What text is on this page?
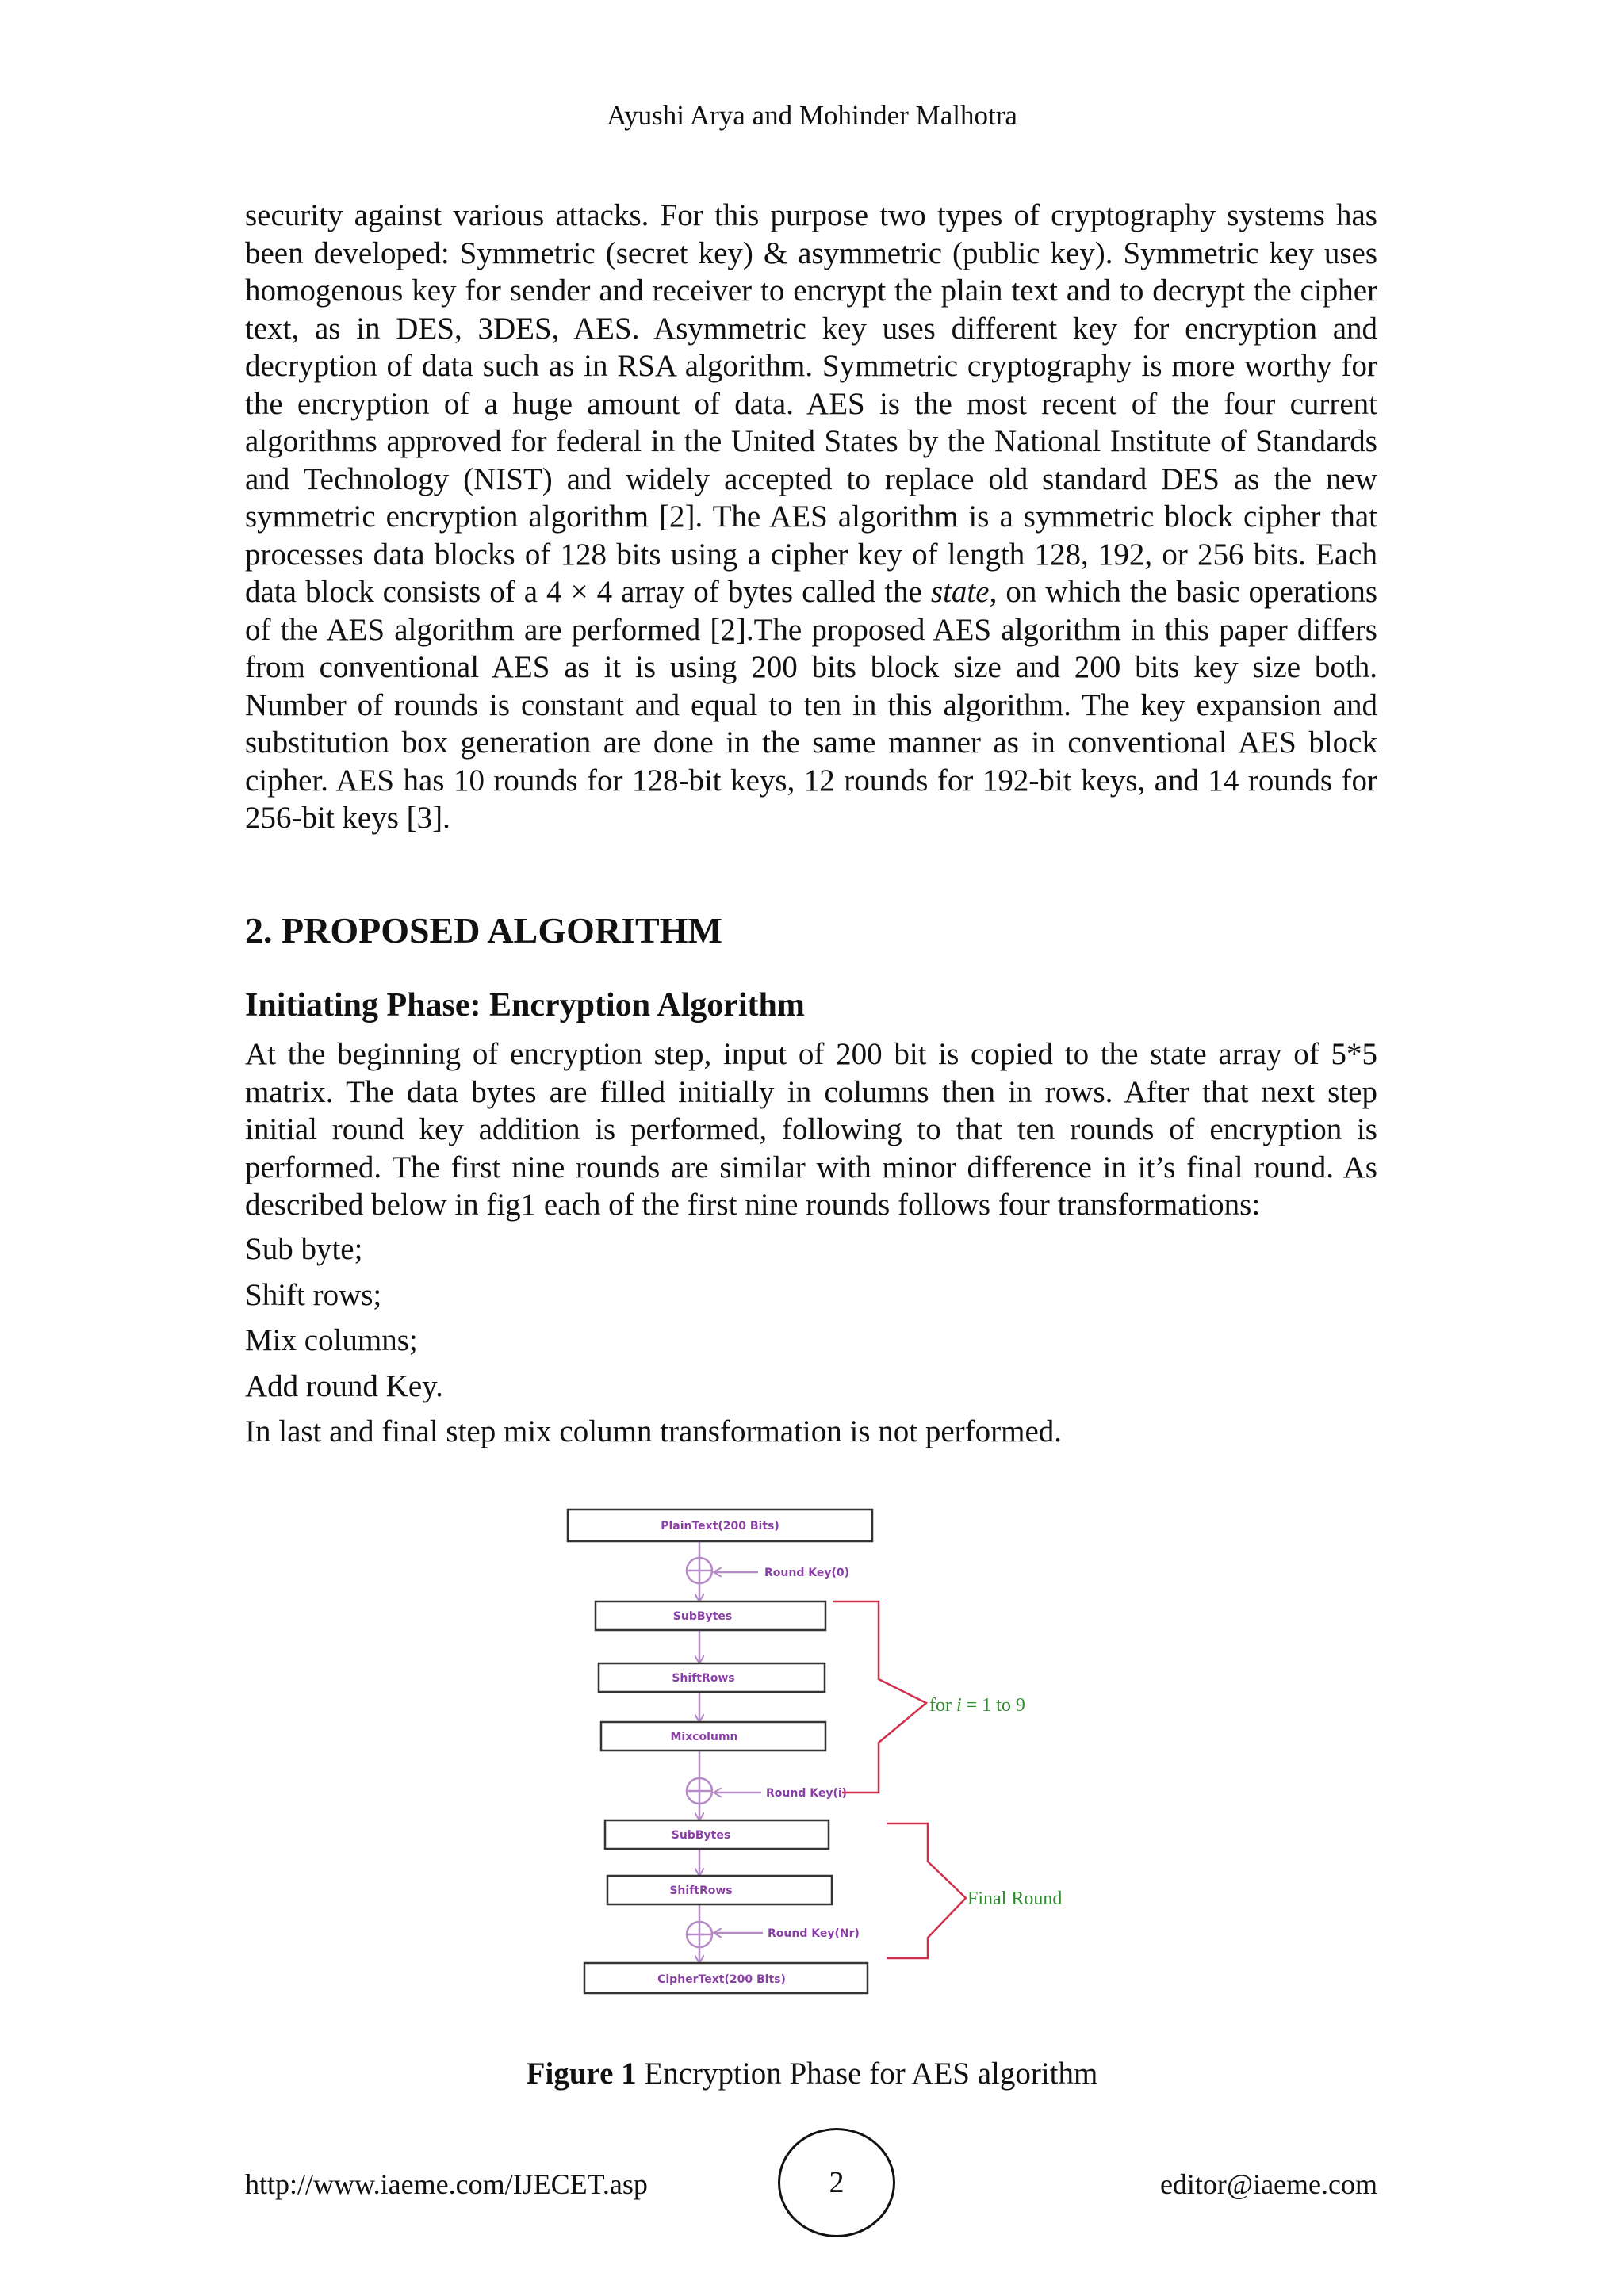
Ayushi Arya and Mohinder Malhotra

security against various attacks. For this purpose two types of cryptography systems has been developed: Symmetric (secret key) & asymmetric (public key). Symmetric key uses homogenous key for sender and receiver to encrypt the plain text and to decrypt the cipher text, as in DES, 3DES, AES. Asymmetric key uses different key for encryption and decryption of data such as in RSA algorithm. Symmetric cryptography is more worthy for the encryption of a huge amount of data. AES is the most recent of the four current algorithms approved for federal in the United States by the National Institute of Standards and Technology (NIST) and widely accepted to replace old standard DES as the new symmetric encryption algorithm [2]. The AES algorithm is a symmetric block cipher that processes data blocks of 128 bits using a cipher key of length 128, 192, or 256 bits. Each data block consists of a 4 × 4 array of bytes called the state, on which the basic operations of the AES algorithm are performed [2].The proposed AES algorithm in this paper differs from conventional AES as it is using 200 bits block size and 200 bits key size both. Number of rounds is constant and equal to ten in this algorithm. The key expansion and substitution box generation are done in the same manner as in conventional AES block cipher. AES has 10 rounds for 128-bit keys, 12 rounds for 192-bit keys, and 14 rounds for 256-bit keys [3].

2. PROPOSED ALGORITHM
Initiating Phase: Encryption Algorithm

At the beginning of encryption step, input of 200 bit is copied to the state array of 5*5 matrix. The data bytes are filled initially in columns then in rows. After that next step initial round key addition is performed, following to that ten rounds of encryption is performed. The first nine rounds are similar with minor difference in it’s final round. As described below in fig1 each of the first nine rounds follows four transformations:

Sub byte;
Shift rows;
Mix columns;
Add round Key.

In last and final step mix column transformation is not performed.

PlainText(200 Bits)
SubBytes
ShiftRows
Mixcolumn
SubBytes
ShiftRows
CipherText(200 Bits)
Round Key(0)
Round Key(i)
Round Key(Nr)
for i = 1 to 9
Final Round
Figure 1 Encryption Phase for AES algorithm
http://www.iaeme.com/IJECET.asp	2	editor@iaeme.com
